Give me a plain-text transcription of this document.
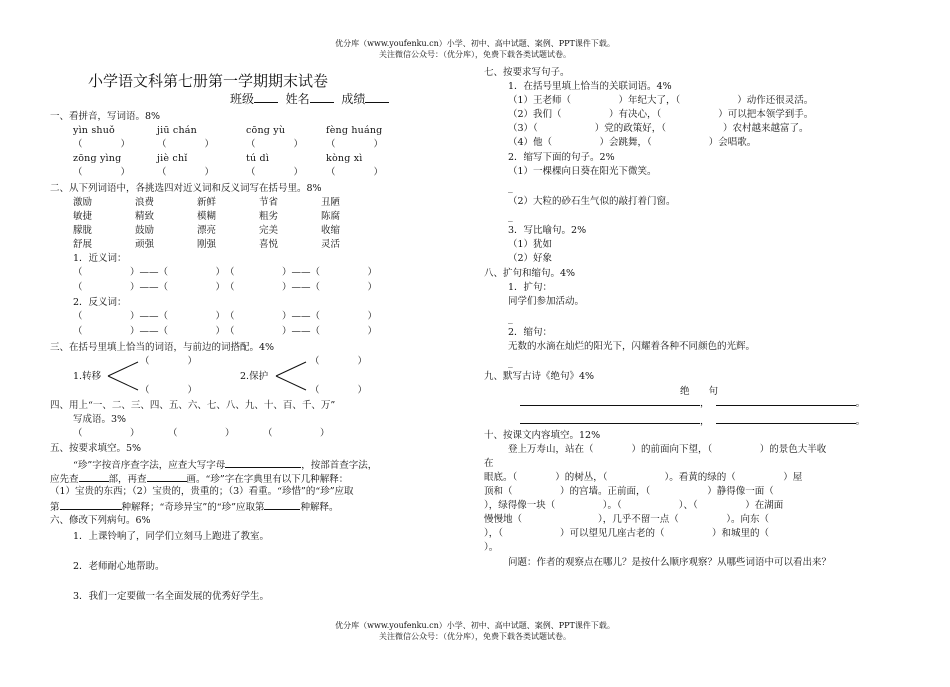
优分库（www.youfenku.cn）小学、初中、高中试题、案例、PPT课件下载。
关注微信公众号：（优分库），免费下载各类试题试卷。
小学语文科第七册第一学期期末试卷
班级	姓名	成绩
一、看拼音，写词语。8%
yìn shuǒ	jiū chán	cōng yù	fèng huáng
（　　　　）	（　　　　）	（　　　　） （　　　　）
zōng yìng	jiè chǐ	tú dì	kòng xì
（　　　　）	（　　　　）	（　　　　） （　　　　）
二、从下列词语中，各挑选四对近义词和反义词写在括号里。8%
激励	浪费	新鲜	节省	丑陋
敏捷	精致	模糊	粗劣	陈腐
朦胧	鼓励	漂亮	完美	收缩
舒展	顽强	刚强	喜悦	灵活
1．近义词：
（　　　　　）——（　　　　　）　（　　　　　）——（　　　　　）
（　　　　　）——（　　　　　）　（　　　　　）——（　　　　　）
2．反义词：
（　　　　　）——（　　　　　）　（　　　　　）——（　　　　　）
（　　　　　）——（　　　　　）　（　　　　　）——（　　　　　）
三、在括号里填上恰当的词语，与前边的词搭配。4%
（　　　　）
1.转移
（　　　　）
（　　　　）
2.保护
（　　　　）
四、用上“一、二、三、四、五、六、七、八、九、十、百、千、万”
写成语。3%
（　　　　　）　　　　（　　　　　）　　　　（　　　　　）
五、按要求填空。5%
“珍”字按音序查字法，应查大写字母	，按部首查字法，
应先查	部，再查	画。“珍”字在字典里有以下几种解释：
（1）宝贵的东西；（2）宝贵的，贵重的；（3）看重。“珍惜”的“珍”应取
第	种解释；“奇珍异宝”的“珍”应取第	种解释。
六、修改下列病句。6%
1．上课铃响了，同学们立刻马上跑进了教室。
2．老师耐心地帮助。
3．我们一定要做一名全面发展的优秀好学生。
七、按要求写句子。
1．在括号里填上恰当的关联词语。4%
（1）王老师（　　　　　）年纪大了，（　　　　　　）动作还很灵活。
（2）我们（　　　　　）有决心，（　　　　　　）可以把本领学到手。
（3）（　　　　　　）党的政策好，（　　　　　　）农村越来越富了。
（4）他（　　　　　）会跳舞，（　　　　　　）会唱歌。
2．缩写下面的句子。2%
（1）一棵棵向日葵在阳光下微笑。
_
（2）大粒的砂石生气似的敲打着门窗。
_
3．写比喻句。2%
（1）犹如
（2）好象
八、扩句和缩句。4%
1．扩句：
同学们参加活动。
_
2．缩句：
无数的水滴在灿烂的阳光下，闪耀着各种不同颜色的光辉。
_
九、默写古诗《绝句》4%
绝　　句
，	。
，	。
十、按课文内容填空。12%
登上万寿山，站在（　　　　）的前面向下望，（　　　　　）的景色大半收
在
眼底。（　　　　）的树丛，（　　　　　　）。看黄的绿的（　　　　　）屋
顶和（　　　　　）的宫墙。正前面，（　　　　　　）静得像一面（
），绿得像一块（　　　　　）。（　　　　　　）、（　　　　　）在湖面
慢慢地（　　　　　　　　），几乎不留一点（　　　　　）。向东（
），（　　　　　　）可以望见几座古老的（　　　　　）和城里的（
）。
问题：作者的观察点在哪儿？是按什么顺序观察？从哪些词语中可以看出来？
优分库（www.youfenku.cn）小学、初中、高中试题、案例、PPT课件下载。
关注微信公众号：（优分库），免费下载各类试题试卷。
